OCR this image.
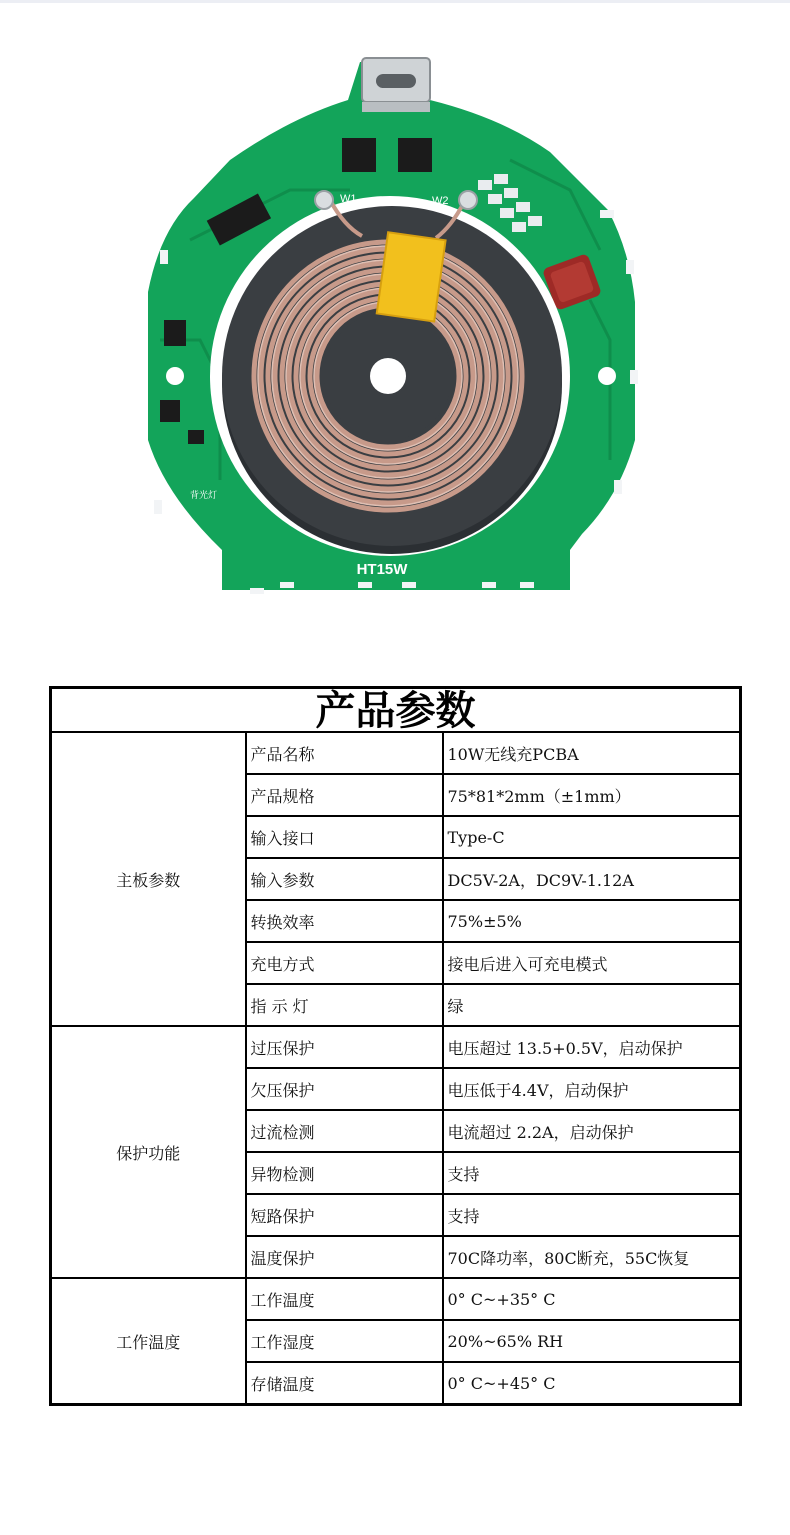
W1	W2
背光灯
HT15W
产品参数		
主板参数	产品名称	10W无线充PCBA
	产品规格	75*81*2mm（±1mm）
	输入接口	Type-C
	输入参数	DC5V-2A，DC9V-1.12A
	转换效率	75%±5%
	充电方式	接电后进入可充电模式
	指 示 灯	绿
保护功能	过压保护	电压超过 13.5+0.5V，启动保护
	欠压保护	电压低于4.4V，启动保护
	过流检测	电流超过 2.2A，启动保护
	异物检测	支持
	短路保护	支持
	温度保护	70C降功率，80C断充，55C恢复
工作温度	工作温度	0° C~+35° C
	工作湿度	20%~65% RH
	存储温度	0° C~+45° C
